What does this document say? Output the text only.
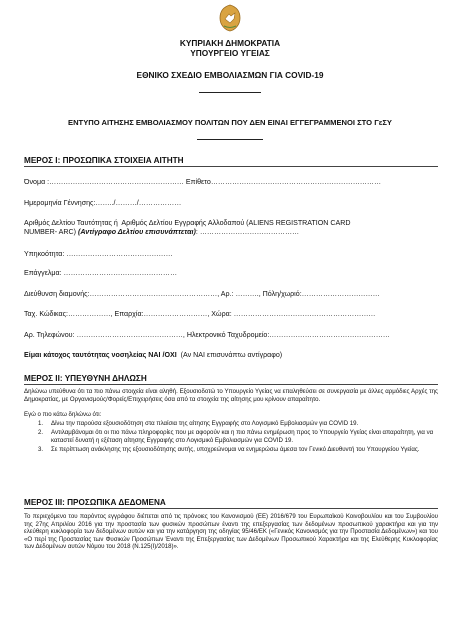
ΚΥΠΡΙΑΚΗ ΔΗΜΟΚΡΑΤΙΑ
ΥΠΟΥΡΓΕΙΟ ΥΓΕΙΑΣ
ΕΘΝΙΚΟ ΣΧΕΔΙΟ ΕΜΒΟΛΙΑΣΜΩΝ ΓΙΑ COVID-19
ΕΝΤΥΠΟ ΑΙΤΗΣΗΣ ΕΜΒΟΛΙΑΣΜΟΥ ΠΟΛΙΤΩΝ ΠΟΥ ΔΕΝ ΕΙΝΑΙ ΕΓΓΕΓΡΑΜΜΕΝΟΙ ΣΤΟ ΓεΣΥ
ΜΕΡΟΣ Ι: ΠΡΟΣΩΠΙΚΑ ΣΤΟΙΧΕΙΑ ΑΙΤΗΤΗ
Όνομα :………………………………………………… Επίθετο………………………………………………………………
Ημερομηνία Γέννησης:……../………/………………
Αριθμός Δελτίου Ταυτότητας ή  Αριθμός Δελτίου Εγγραφής Αλλοδαπού (ALIENS REGISTRATION CARD
NUMBER- ARC) (Αντίγραφο Δελτίου επισυνάπτεται): ……………………………………
Υπηκοότητα: ………………………………………
Επάγγελμα: …………………………………………
Διεύθυνση διαμονής:………………………………………………, Αρ.: ………., Πόλη/χωριό:……………………………
Ταχ. Κώδικας:………………, Επαρχία:………………………, Χώρα: ……………………………………………………
Αρ. Τηλεφώνου: ………………………………………, Ηλεκτρονικό Ταχυδρομείο:……………………………………………
Είμαι κάτοχος ταυτότητας νοσηλείας ΝΑΙ /ΟΧΙ  (Αν ΝΑΙ επισυνάπτω αντίγραφο)
ΜΕΡΟΣ ΙΙ: ΥΠΕΥΘΥΝΗ ΔΗΛΩΣΗ
Δηλώνω υπεύθυνα ότι τα πιο πάνω στοιχεία είναι αληθή. Εξουσιοδοτώ το Υπουργείο Υγείας να επαληθεύσει σε συνεργασία με άλλες αρμόδιες Αρχές της Δημοκρατίας, με Οργανισμούς/Φορείς/Επιχειρήσεις όσα από τα στοιχεία της αίτησης μου κρίνουν απαραίτητο.
Εγώ ο πιο κάτω δηλώνω ότι:
1. Δίνω την παρούσα εξουσιοδότηση στα πλαίσια της αίτησης Εγγραφής στο Λογισμικό Εμβολιασμών για COVID 19.
2. Αντιλαμβάνομαι ότι οι πιο πάνω πληροφορίες που με αφορούν και η πιο πάνω ενημέρωση προς το Υπουργείο Υγείας είναι απαραίτητη, για να καταστεί δυνατή η εξέταση αίτησης Εγγραφής στο Λογισμικό Εμβολιασμών για COVID 19.
3. Σε περίπτωση ανάκλησης της εξουσιοδότησης αυτής, υποχρεώνομαι να ενημερώσω άμεσα τον Γενικό Διευθυντή του Υπουργείου Υγείας.
ΜΕΡΟΣ ΙΙΙ: ΠΡΟΣΩΠΙΚΑ ΔΕΔΟΜΕΝΑ
Το περιεχόμενο του παρόντος εγγράφου διέπεται από τις πρόνοιες του Κανονισμού (ΕΕ) 2016/679 του Ευρωπαϊκού Κοινοβουλίου και του Συμβουλίου της 27ης Απριλίου 2016 για την προστασία των φυσικών προσώπων έναντι της επεξεργασίας των δεδομένων προσωπικού χαρακτήρα και για την ελεύθερη κυκλοφορία των δεδομένων αυτών και για την κατάργηση της οδηγίας 95/46/ΕΚ («Γενικός Κανονισμός για την Προστασία Δεδομένων») και του «Ο περί της Προστασίας των Φυσικών Προσώπων Έναντι της Επεξεργασίας των Δεδομένων Προσωπικού Χαρακτήρα και της Ελεύθερης Κυκλοφορίας των Δεδομένων αυτών Νόμου του 2018 (Ν.125(Ι)/2018)».
